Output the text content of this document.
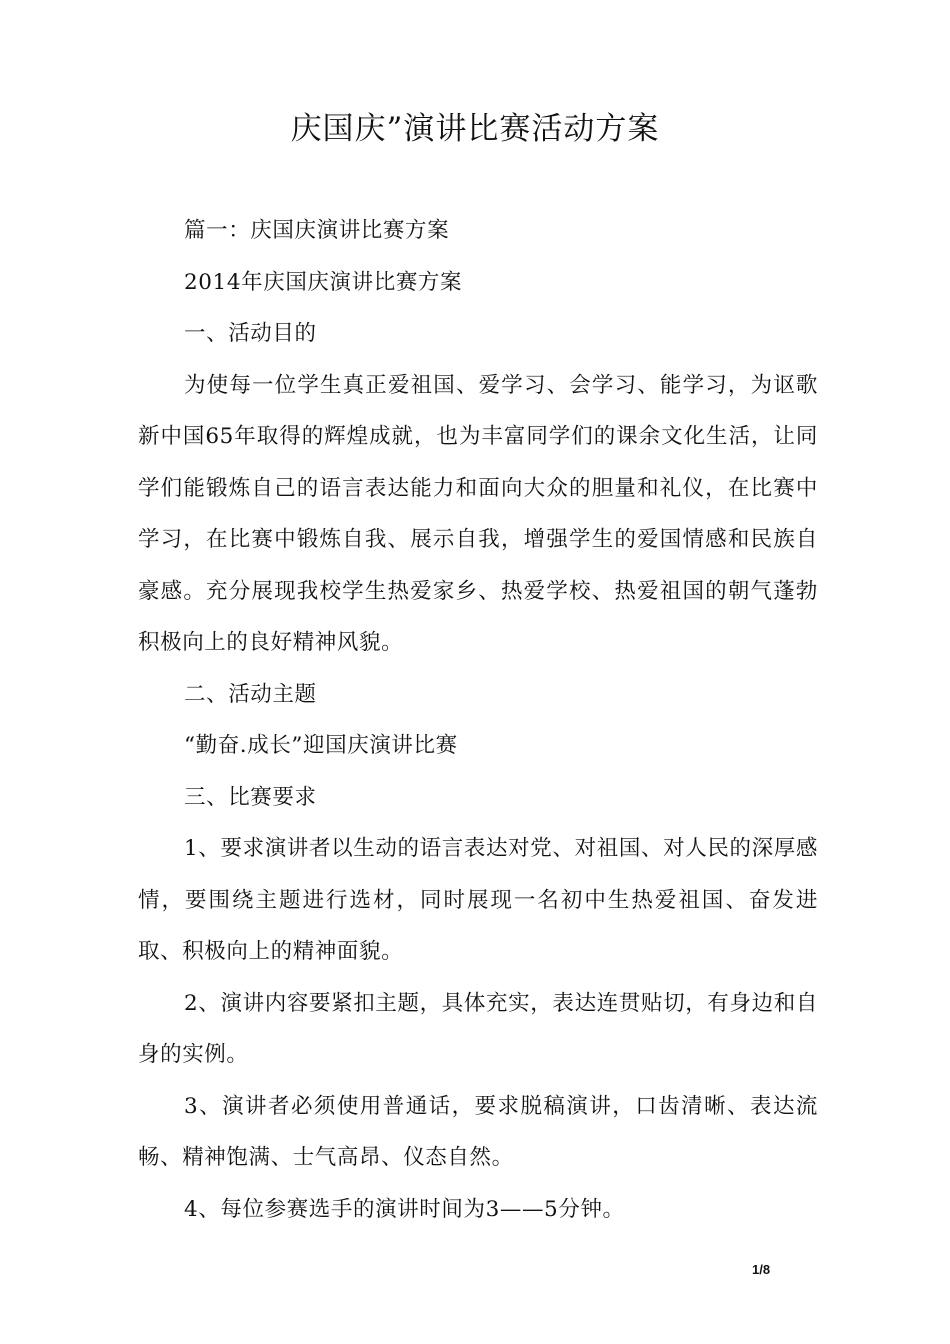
庆国庆”演讲比赛活动方案

篇一：庆国庆演讲比赛方案

2014年庆国庆演讲比赛方案

一、活动目的

为使每一位学生真正爱祖国、爱学习、会学习、能学习，为讴歌新中国65年取得的辉煌成就，也为丰富同学们的课余文化生活，让同学们能锻炼自己的语言表达能力和面向大众的胆量和礼仪，在比赛中学习，在比赛中锻炼自我、展示自我，增强学生的爱国情感和民族自豪感。充分展现我校学生热爱家乡、热爱学校、热爱祖国的朝气蓬勃积极向上的良好精神风貌。

二、活动主题

“勤奋.成长”迎国庆演讲比赛

三、比赛要求

1、要求演讲者以生动的语言表达对党、对祖国、对人民的深厚感情，要围绕主题进行选材，同时展现一名初中生热爱祖国、奋发进取、积极向上的精神面貌。

2、演讲内容要紧扣主题，具体充实，表达连贯贴切，有身边和自身的实例。

3、演讲者必须使用普通话，要求脱稿演讲，口齿清晰、表达流畅、精神饱满、士气高昂、仪态自然。

4、每位参赛选手的演讲时间为3——5分钟。

1/8
